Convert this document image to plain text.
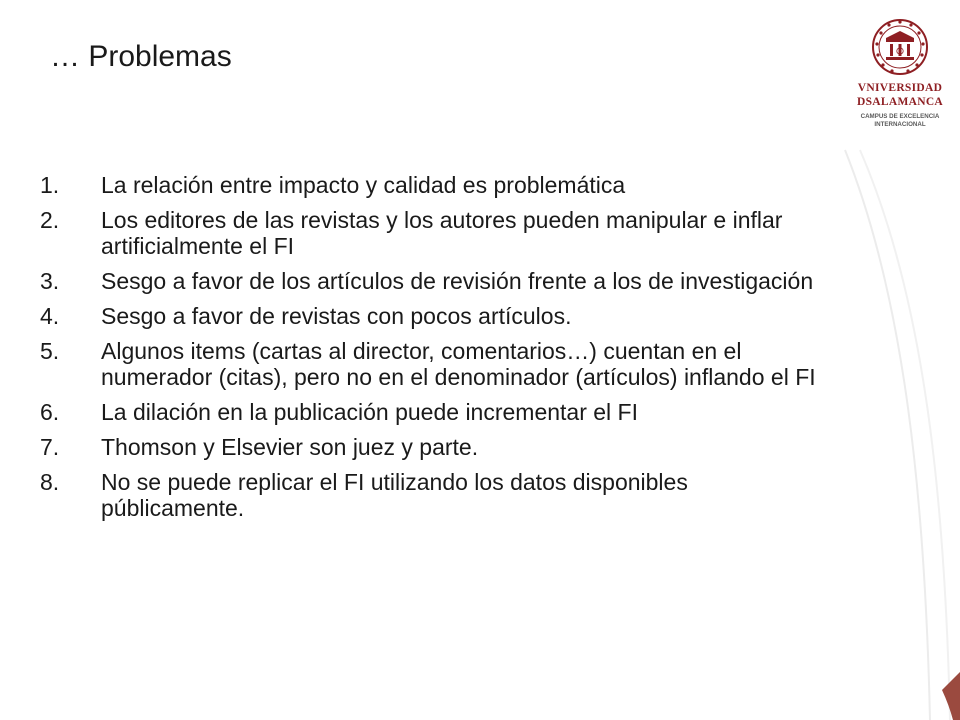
… Problemas
VNIVERSIDAD
DSALAMANCA
CAMPUS DE EXCELENCIA
INTERNACIONAL
1.	La relación entre impacto y calidad es problemática
2.	Los editores de las revistas y los autores pueden manipular e inflar artificialmente el FI
3.	Sesgo a favor de los artículos de revisión frente a los de investigación
4.	Sesgo a favor de revistas con pocos artículos.
5.	Algunos items (cartas al director, comentarios…) cuentan en el numerador (citas), pero no en el denominador (artículos) inflando el FI
6.	La dilación en la publicación puede incrementar el FI
7.	Thomson y Elsevier son juez y parte.
8.	No se puede replicar el FI utilizando los datos disponibles públicamente.
